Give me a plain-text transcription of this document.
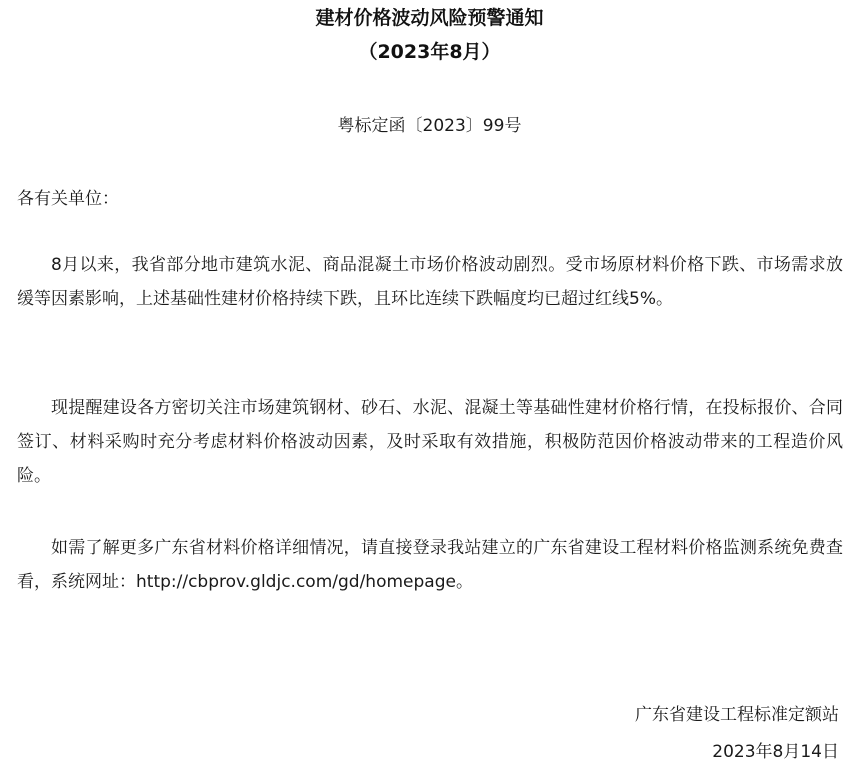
建材价格波动风险预警通知
（2023年8月）
粤标定函〔2023〕99号
各有关单位：

8月以来，我省部分地市建筑水泥、商品混凝土市场价格波动剧烈。受市场原材料价格下跌、市场需求放缓等因素影响，上述基础性建材价格持续下跌，且环比连续下跌幅度均已超过红线5%。

现提醒建设各方密切关注市场建筑钢材、砂石、水泥、混凝土等基础性建材价格行情，在投标报价、合同签订、材料采购时充分考虑材料价格波动因素，及时采取有效措施，积极防范因价格波动带来的工程造价风险。

如需了解更多广东省材料价格详细情况，请直接登录我站建立的广东省建设工程材料价格监测系统免费查看，系统网址：http://cbprov.gldjc.com/gd/homepage。

广东省建设工程标准定额站
2023年8月14日
